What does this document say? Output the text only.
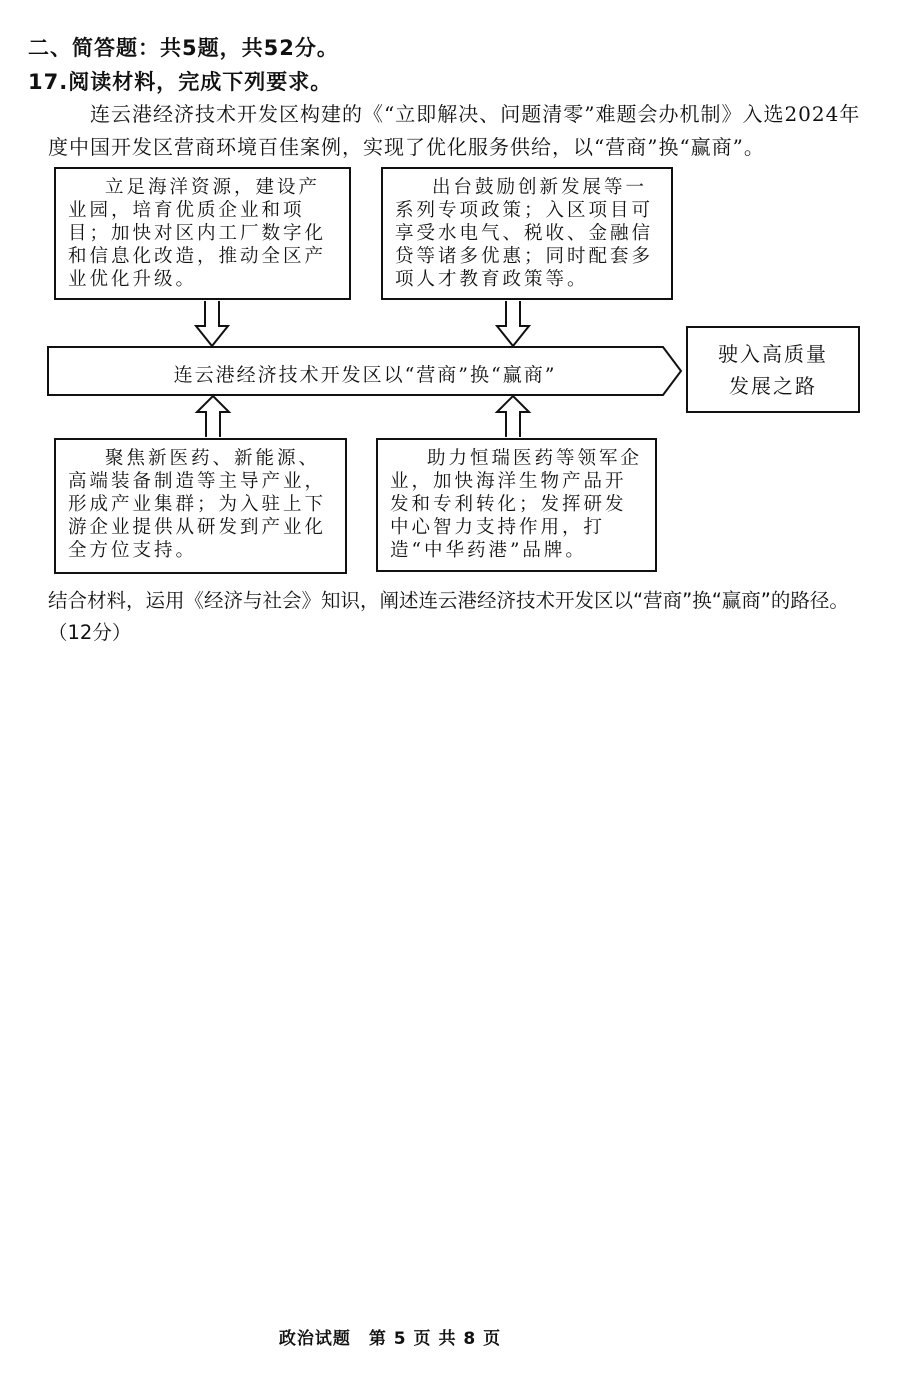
二、简答题：共5题，共52分。
17.阅读材料，完成下列要求。
连云港经济技术开发区构建的《“立即解决、问题清零”难题会办机制》入选2024年度中国开发区营商环境百佳案例，实现了优化服务供给，以“营商”换“赢商”。
立足海洋资源，建设产业园，培育优质企业和项目；加快对区内工厂数字化和信息化改造，推动全区产业优化升级。
出台鼓励创新发展等一系列专项政策；入区项目可享受水电气、税收、金融信贷等诸多优惠；同时配套多项人才教育政策等。
连云港经济技术开发区以“营商”换“赢商”
驶入高质量发展之路
聚焦新医药、新能源、高端装备制造等主导产业，形成产业集群；为入驻上下游企业提供从研发到产业化全方位支持。
助力恒瑞医药等领军企业，加快海洋生物产品开发和专利转化；发挥研发中心智力支持作用，打造“中华药港”品牌。
结合材料，运用《经济与社会》知识，阐述连云港经济技术开发区以“营商”换“赢商”的路径。（12分）
政治试题　第 5 页 共 8 页
